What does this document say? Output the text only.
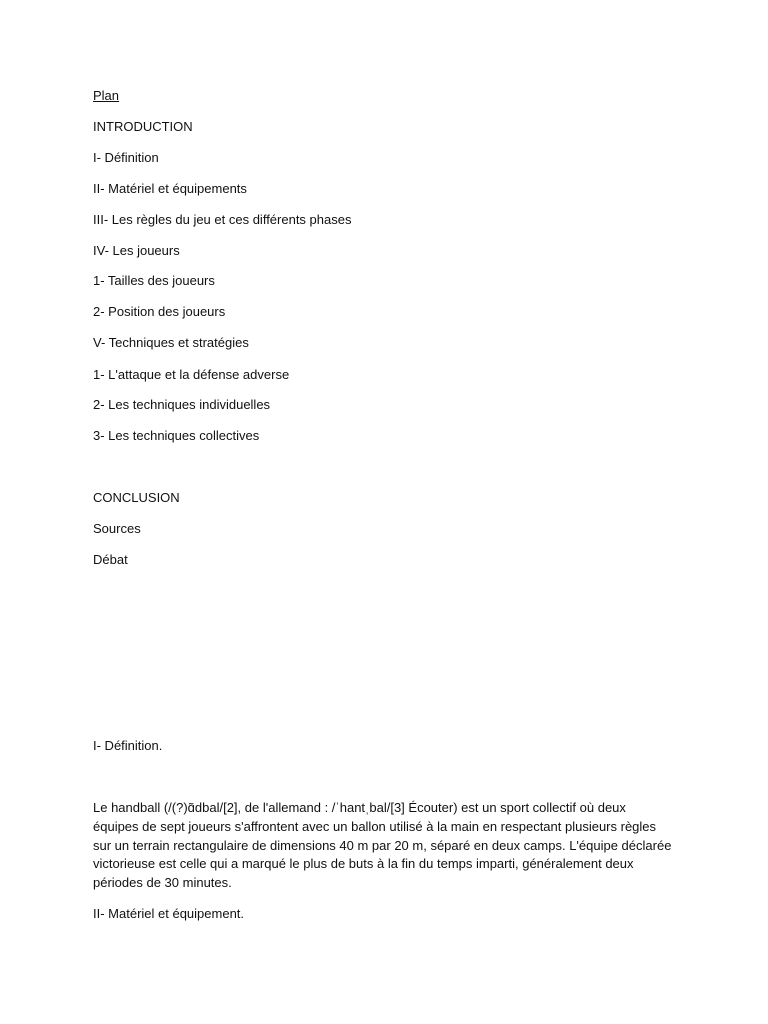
Plan
INTRODUCTION
I- Définition
II- Matériel et équipements
III- Les règles du jeu et ces différents phases
IV- Les joueurs
1- Tailles des joueurs
2- Position des joueurs
V- Techniques et stratégies
1- L'attaque et la défense adverse
2- Les techniques individuelles
3- Les techniques collectives
CONCLUSION
Sources
Débat
I- Définition.

Le handball (/(?)ɑ̃dbal/[2], de l'allemand : /ˈhantˌbal/[3] Écouter) est un sport collectif où deux
équipes de sept joueurs s'affrontent avec un ballon utilisé à la main en respectant plusieurs règles
sur un terrain rectangulaire de dimensions 40 m par 20 m, séparé en deux camps. L'équipe déclarée
victorieuse est celle qui a marqué le plus de buts à la fin du temps imparti, généralement deux
périodes de 30 minutes.

II- Matériel et équipement.
